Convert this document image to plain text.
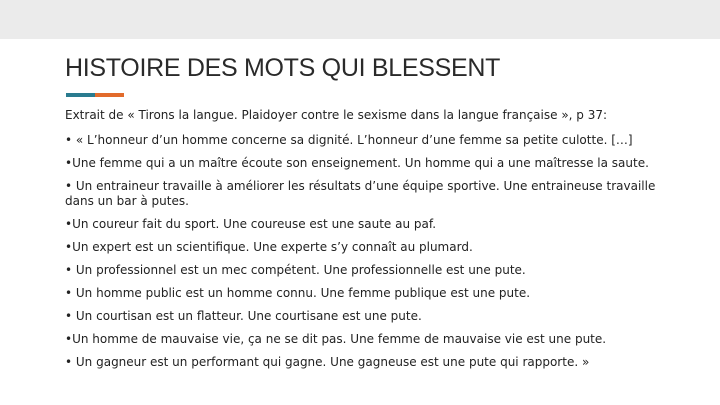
HISTOIRE DES MOTS QUI BLESSENT

Extrait de « Tirons la langue. Plaidoyer contre le sexisme dans la langue française », p 37:

• « L’honneur d’un homme concerne sa dignité. L’honneur d’une femme sa petite culotte. […]

•Une femme qui a un maître écoute son enseignement. Un homme qui a une maîtresse la saute.

• Un entraineur travaille à améliorer les résultats d’une équipe sportive. Une entraineuse travaille dans un bar à putes.

•Un coureur fait du sport. Une coureuse est une saute au paf.

•Un expert est un scientifique. Une experte s’y connaît au plumard.

• Un professionnel est un mec compétent. Une professionnelle est une pute.

• Un homme public est un homme connu. Une femme publique est une pute.

• Un courtisan est un flatteur. Une courtisane est une pute.

•Un homme de mauvaise vie, ça ne se dit pas. Une femme de mauvaise vie est une pute.

• Un gagneur est un performant qui gagne. Une gagneuse est une pute qui rapporte. »
